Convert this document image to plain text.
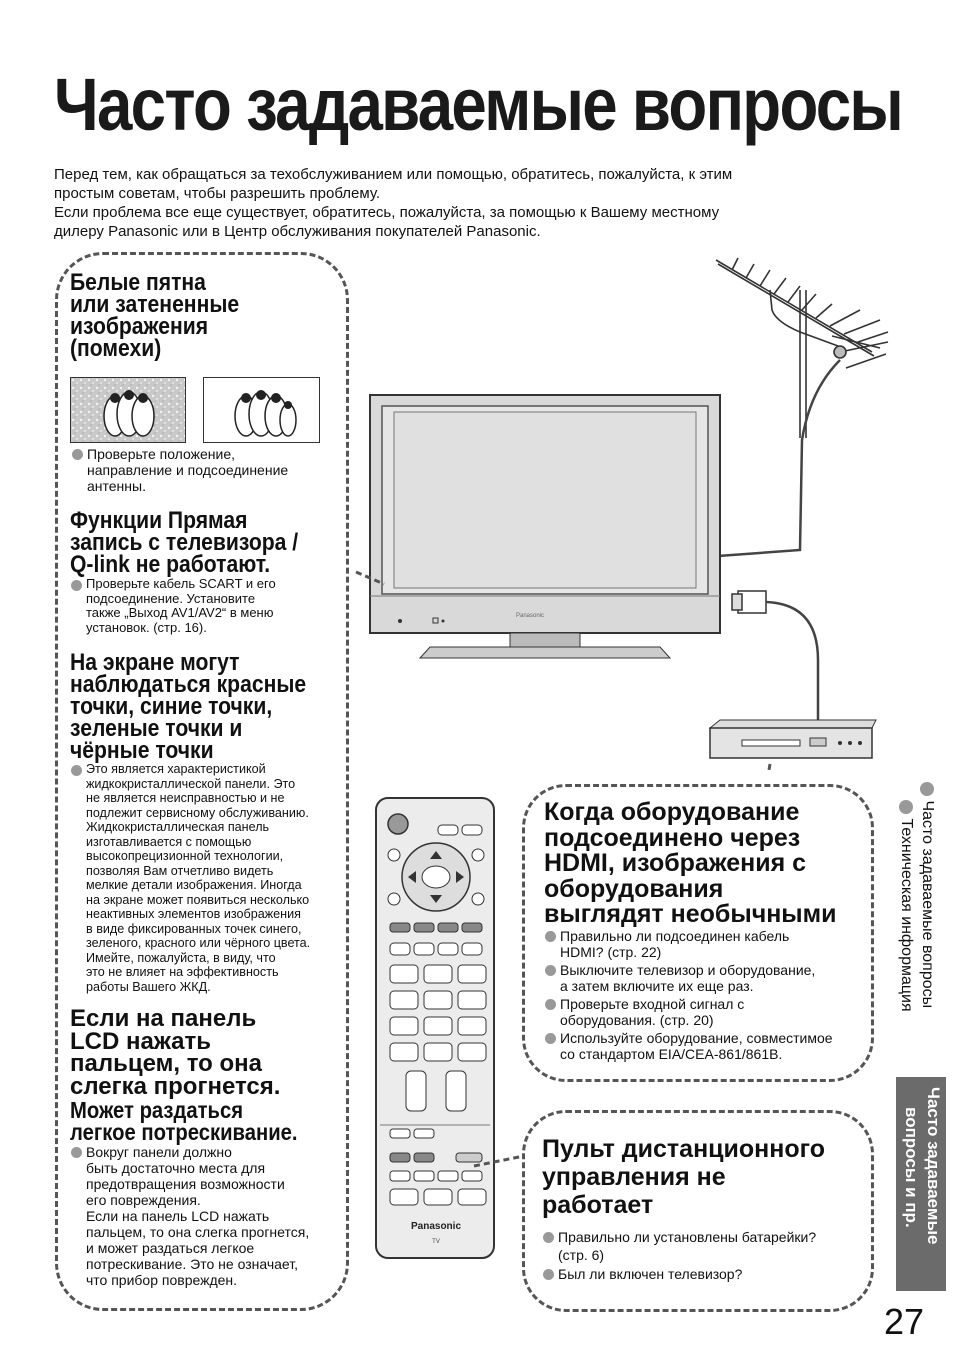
Часто задаваемые вопросы

Перед тем, как обращаться за техобслуживанием или помощью, обратитесь, пожалуйста, к этим

простым советам, чтобы разрешить проблему.

Если проблема все еще существует, обратитесь, пожалуйста, за помощью к Вашему местному

дилеру Panasonic или в Центр обслуживания покупателей Panasonic.

Белые пятна
или затененные
изображения
(помехи)

Проверьте положение,

направление и подсоединение

антенны.

Функции Прямая
запись с телевизора /
Q-link не работают.

Проверьте кабель SCART и его

подсоединение. Установите

также „Выход AV1/AV2“ в меню

установок. (стр. 16).

На экране могут
наблюдаться красные
точки, синие точки,
зеленые точки и
чёрные точки

Это является характеристикой

жидкокристаллической панели. Это

не является неисправностью и не

подлежит сервисному обслуживанию.

Жидкокристаллическая панель

изготавливается с помощью

высокопрецизионной технологии,

позволяя Вам отчетливо видеть

мелкие детали изображения. Иногда

на экране может появиться несколько

неактивных элементов изображения

в виде фиксированных точек синего,

зеленого, красного или чёрного цвета.

Имейте, пожалуйста, в виду, что

это не влияет на эффективность

работы Вашего ЖКД.

Если на панель
LCD нажать
пальцем, то она
слегка прогнется.
Может раздаться
легкое потрескивание.

Вокруг панели должно

быть достаточно места для

предотвращения возможности

его повреждения.

Если на панель LCD нажать

пальцем, то она слегка прогнется,

и может раздаться легкое

потрескивание. Это не означает,

что прибор поврежден.

Panasonic
Panasonic
TV
Когда оборудование
подсоединено через
HDMI, изображения с
оборудования
выглядят необычными

Правильно ли подсоединен кабель

HDMI? (стр. 22)

Выключите телевизор и оборудование,

а затем включите их еще раз.

Проверьте входной сигнал с

оборудования. (стр. 20)

Используйте оборудование, совместимое

со стандартом EIA/CEA-861/861B.

Пульт дистанционного
управления не
работает

Правильно ли установлены батарейки?

(стр. 6)

Был ли включен телевизор?

Часто задаваемые вопросы
Техническая информация
Часто задаваемые
вопросы и пр.
27
